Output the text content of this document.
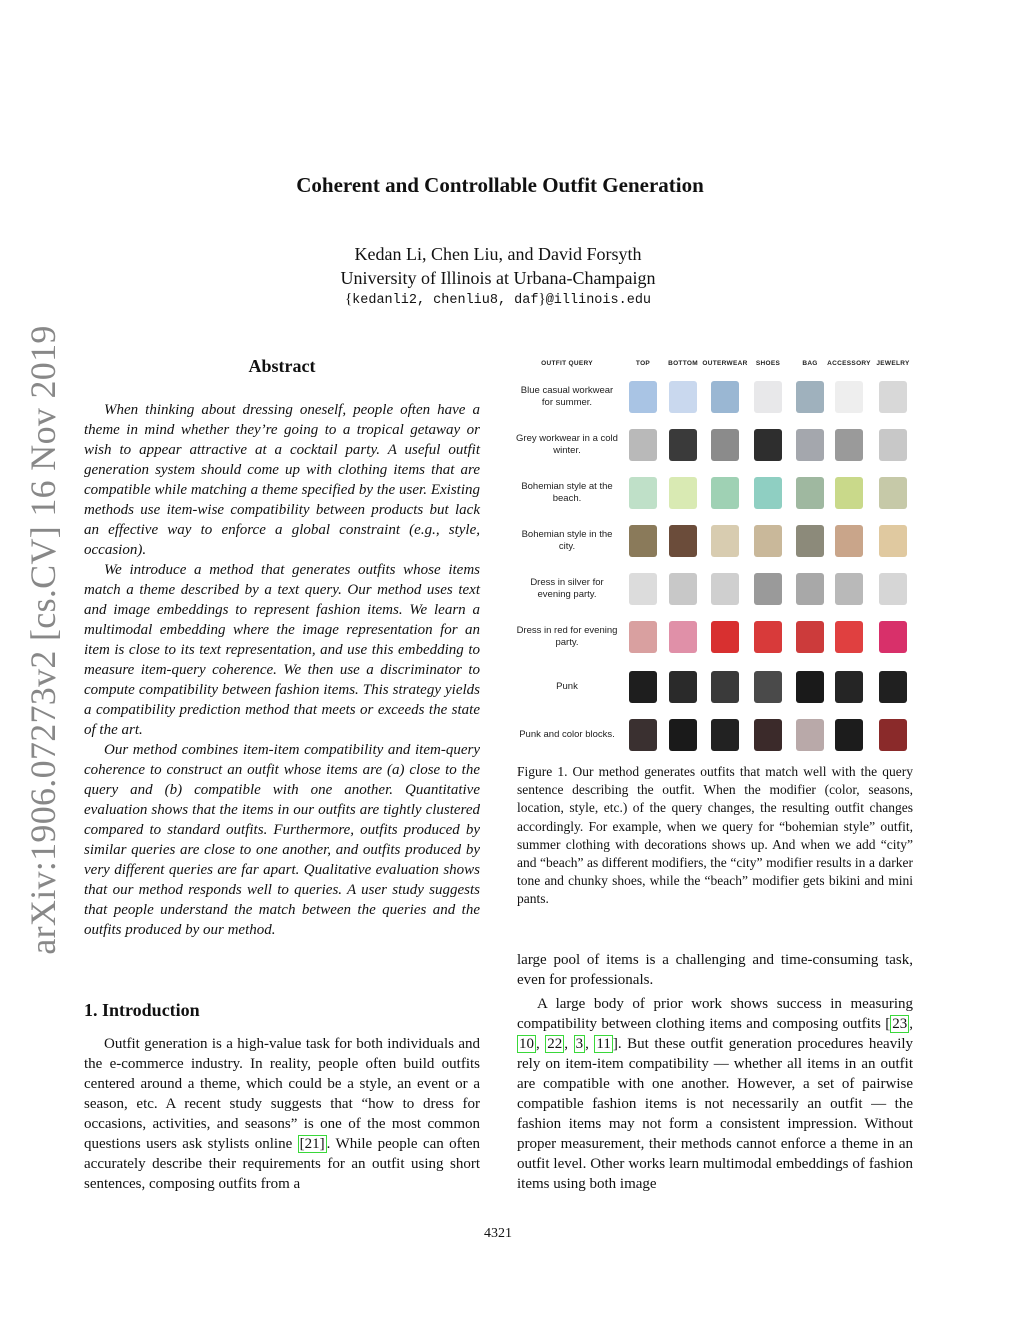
arXiv:1906.07273v2 [cs.CV] 16 Nov 2019
Coherent and Controllable Outfit Generation
Kedan Li, Chen Liu, and David Forsyth
University of Illinois at Urbana-Champaign
{kedanli2, chenliu8, daf}@illinois.edu
Abstract

When thinking about dressing oneself, people often have a theme in mind whether they’re going to a tropical getaway or wish to appear attractive at a cocktail party. A useful outfit generation system should come up with clothing items that are compatible while matching a theme specified by the user. Existing methods use item-wise compatibility between products but lack an effective way to enforce a global constraint (e.g., style, occasion).

We introduce a method that generates outfits whose items match a theme described by a text query. Our method uses text and image embeddings to represent fashion items. We learn a multimodal embedding where the image representation for an item is close to its text representation, and use this embedding to measure item-query coherence. We then use a discriminator to compute compatibility between fashion items. This strategy yields a compatibility prediction method that meets or exceeds the state of the art.

Our method combines item-item compatibility and item-query coherence to construct an outfit whose items are (a) close to the query and (b) compatible with one another. Quantitative evaluation shows that the items in our outfits are tightly clustered compared to standard outfits. Furthermore, outfits produced by similar queries are close to one another, and outfits produced by very different queries are far apart. Qualitative evaluation shows that our method responds well to queries. A user study suggests that people understand the match between the queries and the outfits produced by our method.

1. Introduction

Outfit generation is a high-value task for both individuals and the e-commerce industry. In reality, people often build outfits centered around a theme, which could be a style, an event or a season, etc. A recent study suggests that “how to dress for occasions, activities, and seasons” is one of the most common questions users ask stylists online [21] . While people can often accurately describe their requirements for an outfit using short sentences, composing outfits from a

OUTFIT QUERY	TOP	BOTTOM OUTERWEAR SHOES	BAG ACCESSORY JEWELRY
Blue casual workwear for summer.
Grey workwear in a cold winter.
Bohemian style at the beach.
Bohemian style in the city.
Dress in silver for evening party.
Dress in red for evening party.
Punk
Punk and color blocks.
Figure 1. Our method generates outfits that match well with the query sentence describing the outfit. When the modifier (color, seasons, location, style, etc.) of the query changes, the resulting outfit changes accordingly. For example, when we query for “bohemian style” outfit, summer clothing with decorations shows up. And when we add “city” and “beach” as different modifiers, the “city” modifier results in a darker tone and chunky shoes, while the “beach” modifier gets bikini and mini pants.

large pool of items is a challenging and time-consuming task, even for professionals.

A large body of prior work shows success in measuring compatibility between clothing items and composing outfits [ 23 , 10 , 22 , 3 , 11 ]. But these outfit generation procedures heavily rely on item-item compatibility — whether all items in an outfit are compatible with one another. However, a set of pairwise compatible fashion items is not necessarily an outfit — the fashion items may not form a consistent impression. Without proper measurement, their methods cannot enforce a theme in an outfit level. Other works learn multimodal embeddings of fashion items using both image

4321
